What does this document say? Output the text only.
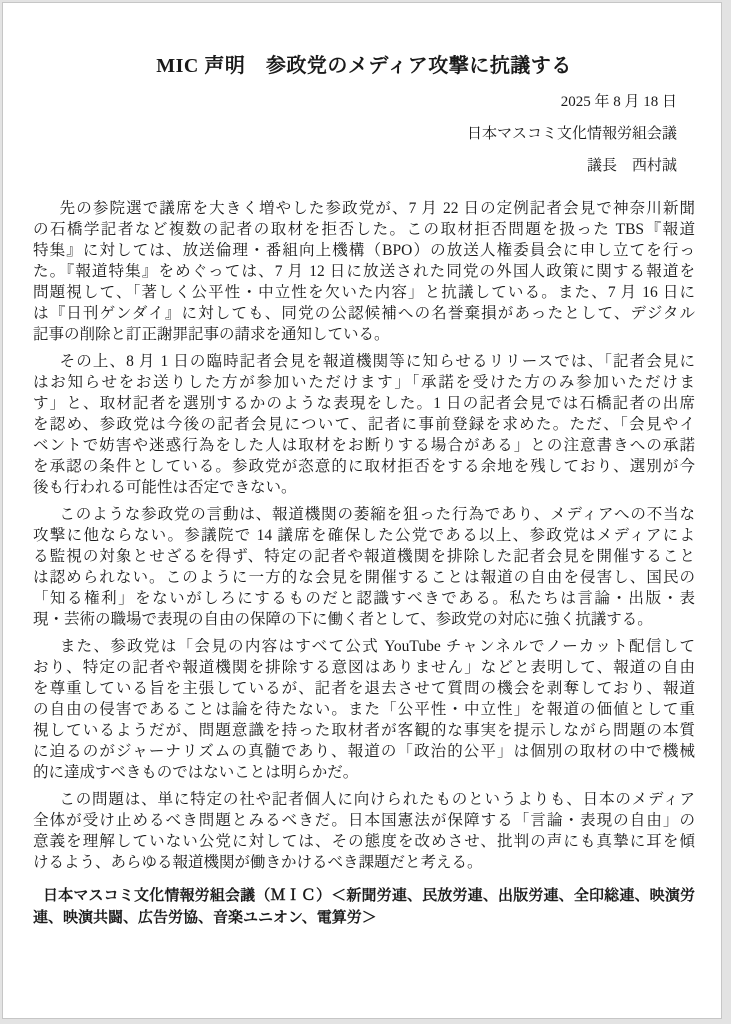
MIC 声明　参政党のメディア攻撃に抗議する
2025 年 8 月 18 日
日本マスコミ文化情報労組会議
議長　西村誠
　先の参院選で議席を大きく増やした参政党が、7 月 22 日の定例記者会見で神奈川新聞
の石橋学記者など複数の記者の取材を拒否した。この取材拒否問題を扱った TBS『報道
特集』に対しては、放送倫理・番組向上機構（BPO）の放送人権委員会に申し立てを行っ
た。『報道特集』をめぐっては、7 月 12 日に放送された同党の外国人政策に関する報道を
問題視して、「著しく公平性・中立性を欠いた内容」と抗議している。また、7 月 16 日に
は『日刊ゲンダイ』に対しても、同党の公認候補への名誉棄損があったとして、デジタル
記事の削除と訂正謝罪記事の請求を通知している。
　その上、8 月 1 日の臨時記者会見を報道機関等に知らせるリリースでは、「記者会見に
はお知らせをお送りした方が参加いただけます」「承諾を受けた方のみ参加いただけま
す」と、取材記者を選別するかのような表現をした。1 日の記者会見では石橋記者の出席
を認め、参政党は今後の記者会見について、記者に事前登録を求めた。ただ、「会見やイ
ベントで妨害や迷惑行為をした人は取材をお断りする場合がある」との注意書きへの承諾
を承認の条件としている。参政党が恣意的に取材拒否をする余地を残しており、選別が今
後も行われる可能性は否定できない。
　このような参政党の言動は、報道機関の萎縮を狙った行為であり、メディアへの不当な
攻撃に他ならない。参議院で 14 議席を確保した公党である以上、参政党はメディアによ
る監視の対象とせざるを得ず、特定の記者や報道機関を排除した記者会見を開催すること
は認められない。このように一方的な会見を開催することは報道の自由を侵害し、国民の
「知る権利」をないがしろにするものだと認識すべきである。私たちは言論・出版・表
現・芸術の職場で表現の自由の保障の下に働く者として、参政党の対応に強く抗議する。
　また、参政党は「会見の内容はすべて公式 YouTube チャンネルでノーカット配信して
おり、特定の記者や報道機関を排除する意図はありません」などと表明して、報道の自由
を尊重している旨を主張しているが、記者を退去させて質問の機会を剥奪しており、報道
の自由の侵害であることは論を待たない。また「公平性・中立性」を報道の価値として重
視しているようだが、問題意識を持った取材者が客観的な事実を提示しながら問題の本質
に迫るのがジャーナリズムの真髄であり、報道の「政治的公平」は個別の取材の中で機械
的に達成すべきものではないことは明らかだ。
　この問題は、単に特定の社や記者個人に向けられたものというよりも、日本のメディア
全体が受け止めるべき問題とみるべきだ。日本国憲法が保障する「言論・表現の自由」の
意義を理解していない公党に対しては、その態度を改めさせ、批判の声にも真摯に耳を傾
けるよう、あらゆる報道機関が働きかけるべき課題だと考える。
日本マスコミ文化情報労組会議（ＭＩＣ）＜新聞労連、民放労連、出版労連、全印総連、映演労
連、映演共闘、広告労協、音楽ユニオン、電算労＞
